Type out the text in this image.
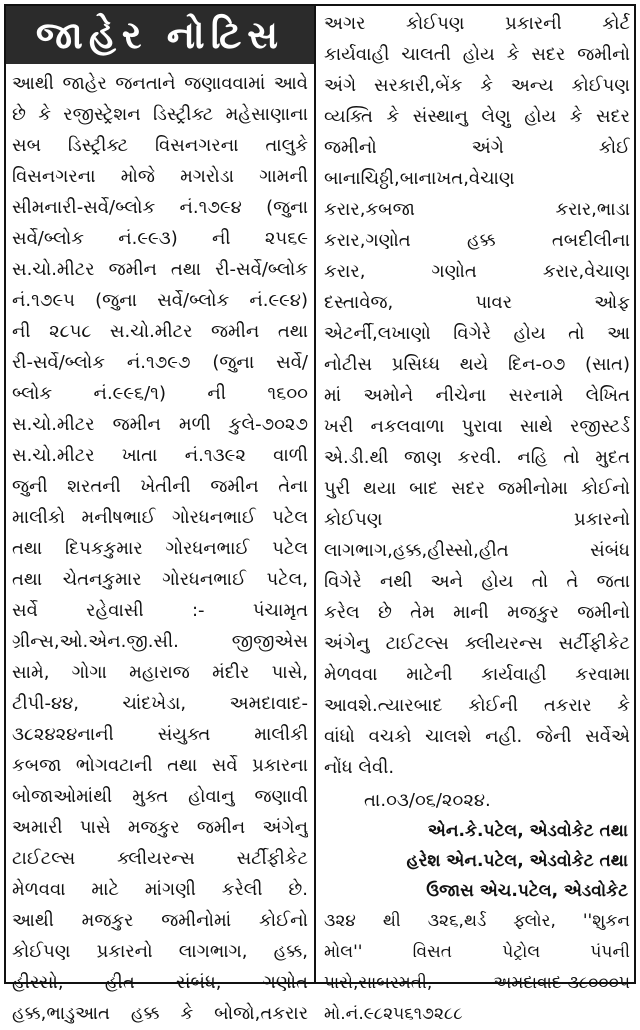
જાહેર નોટિસ
આથી જાહેર જનતાને જણાવવામાં આવે
છે કે રજીસ્ટ્રેશન ડિસ્ટ્રીક્ટ મહેસાણાના
સબ ડિસ્ટ્રીક્ટ વિસનગરના તાલુકે
વિસનગરના મોજે મગરોડા ગામની
સીમનારી-સર્વે/બ્લોક નં.૧૭૯૪ (જુના
સર્વે/બ્લોક નં.૯૯૩) ની ૨૫૬૯
સ.ચો.મીટર જમીન તથા રી-સર્વે/બ્લોક
નં.૧૭૯૫ (જુના સર્વે/બ્લોક નં.૯૯૪)
ની ૨૮૫૮ સ.ચો.મીટર જમીન તથા
રી-સર્વે/બ્લોક નં.૧૭૯૭ (જુના સર્વે/
બ્લોક નં.૯૯૬/૧) ની ૧૬૦૦
સ.ચો.મીટર જમીન મળી કુલે-૭૦૨૭
સ.ચો.મીટર ખાતા નં.૧૩૯૨ વાળી
જુની શરતની ખેતીની જમીન તેના
માલીકો મનીષભાઈ ગોરધનભાઈ પટેલ
તથા દિપકકુમાર ગોરધનભાઈ પટેલ
તથા ચેતનકુમાર ગોરધનભાઈ પટેલ,
સર્વે રહેવાસી :- પંચામૃત
ગ્રીન્સ,ઓ.એન.જી.સી. જીજીએસ
સામે, ગોગા મહારાજ મંદીર પાસે,
ટીપી-૪૪, ચાંદખેડા, અમદાવાદ-
૩૮૨૪૨૪નાની સંયુક્ત માલીકી
કબજા ભોગવટાની તથા સર્વે પ્રકારના
બોજાઓમાંથી મુક્ત હોવાનુ જણાવી
અમારી પાસે મજકુર જમીન અંગેનુ
ટાઈટલ્સ ક્લીયરન્સ સર્ટીફીકેટ
મેળવવા માટે માંગણી કરેલી છે.
આથી મજકુર જમીનોમાં કોઈનો
કોઈપણ પ્રકારનો લાગભાગ, હક્ક,
હીસ્સો, હીત સંબંધ, ગણોત
હક્ક,ભાડુઆત હક્ક કે બોજો,તકરાર
અગર કોઈપણ પ્રકારની કોર્ટ
કાર્યવાહી ચાલતી હોય કે સદર જમીનો
અંગે સરકારી,બેંક કે અન્ય કોઈપણ
વ્યક્તિ કે સંસ્થાનુ લેણુ હોય કે સદર
જમીનો અંગે કોઈ
બાનાચિઠ્ઠી,બાનાખત,વેચાણ
કરાર,કબજા કરાર,ભાડા
કરાર,ગણોત હક્ક તબદીલીના
કરાર, ગણોત કરાર,વેચાણ
દસ્તાવેજ, પાવર ઓફ
એટર્ની,લખાણો વિગેરે હોય તો આ
નોટીસ પ્રસિધ્ધ થયે દિન-૦૭ (સાત)
માં અમોને નીચેના સરનામે લેખિત
ખરી નકલવાળા પુરાવા સાથે રજીસ્ટર્ડ
એ.ડી.થી જાણ કરવી. નહિ તો મુદત
પુરી થયા બાદ સદર જમીનોમા કોઈનો
કોઈપણ પ્રકારનો
લાગભાગ,હક્ક,હીસ્સો,હીત સંબંધ
વિગેરે નથી અને હોય તો તે જતા
કરેલ છે તેમ માની મજકુર જમીનો
અંગેનુ ટાઈટલ્સ ક્લીયરન્સ સર્ટીફીકેટ
મેળવવા માટેની કાર્યવાહી કરવામા
આવશે.ત્યારબાદ કોઈની તકરાર કે
વાંધો વચકો ચાલશે નહી. જેની સર્વેએ
નોંધ લેવી.
તા.૦૩/૦૬/૨૦૨૪.
એન.કે.પટેલ, એડવોકેટ તથા
હરેશ એન.પટેલ, એડવોકેટ તથા
ઉજાસ એચ.પટેલ, એડવોકેટ
૩૨૪ થી ૩૨૬,થર્ડ ફ્લોર, ''શુકન
મોલ'' વિસત પેટ્રોલ પંપની
પાસે,સાબરમતી, અમદાવાદ-૩૮૦૦૦૫
મો.નં.૯૮૨૫૬૧૭૨૮૮
